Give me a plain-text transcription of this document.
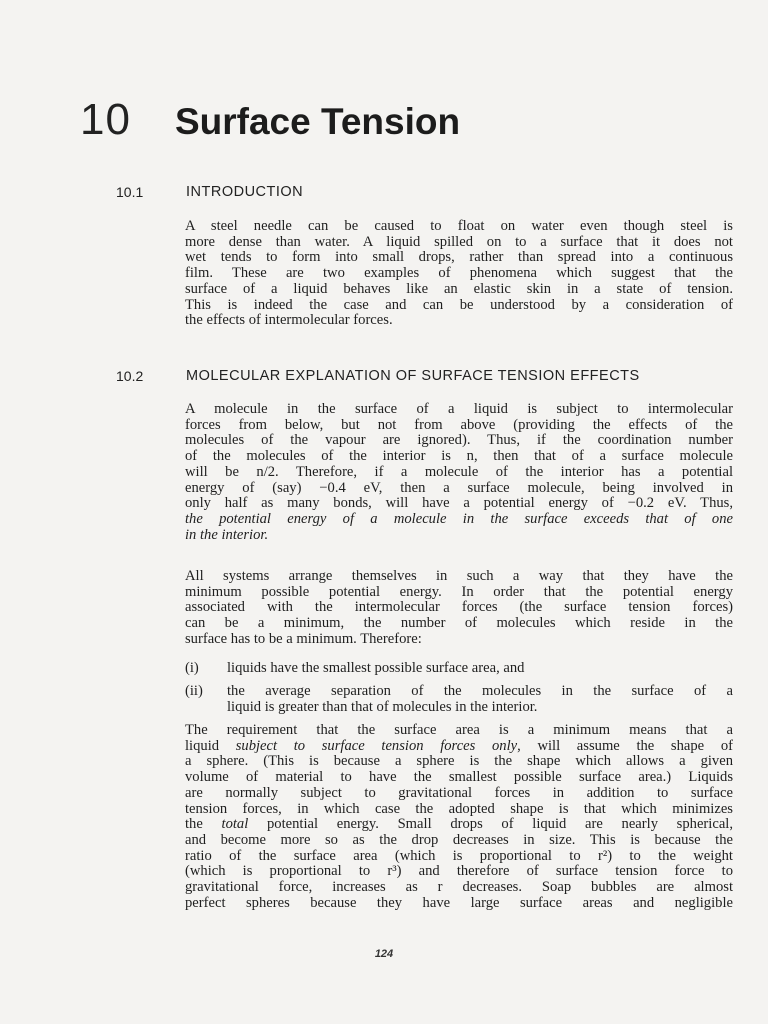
10 Surface Tension
10.1	INTRODUCTION
A steel needle can be caused to float on water even though steel is
more dense than water. A liquid spilled on to a surface that it does not
wet tends to form into small drops, rather than spread into a continuous
film. These are two examples of phenomena which suggest that the
surface of a liquid behaves like an elastic skin in a state of tension.
This is indeed the case and can be understood by a consideration of
the effects of intermolecular forces.
10.2	MOLECULAR EXPLANATION OF SURFACE TENSION EFFECTS
A molecule in the surface of a liquid is subject to intermolecular
forces from below, but not from above (providing the effects of the
molecules of the vapour are ignored). Thus, if the coordination number
of the molecules of the interior is n, then that of a surface molecule
will be n/2. Therefore, if a molecule of the interior has a potential
energy of (say) −0.4 eV, then a surface molecule, being involved in
only half as many bonds, will have a potential energy of −0.2 eV. Thus,
the potential energy of a molecule in the surface exceeds that of one
in the interior.
All systems arrange themselves in such a way that they have the
minimum possible potential energy. In order that the potential energy
associated with the intermolecular forces (the surface tension forces)
can be a minimum, the number of molecules which reside in the
surface has to be a minimum. Therefore:
(i) liquids have the smallest possible surface area, and
(ii) the average separation of the molecules in the surface of a
liquid is greater than that of molecules in the interior.
The requirement that the surface area is a minimum means that a
liquid subject to surface tension forces only, will assume the shape of
a sphere. (This is because a sphere is the shape which allows a given
volume of material to have the smallest possible surface area.) Liquids
are normally subject to gravitational forces in addition to surface
tension forces, in which case the adopted shape is that which minimizes
the total potential energy. Small drops of liquid are nearly spherical,
and become more so as the drop decreases in size. This is because the
ratio of the surface area (which is proportional to r²) to the weight
(which is proportional to r³) and therefore of surface tension force to
gravitational force, increases as r decreases. Soap bubbles are almost
perfect spheres because they have large surface areas and negligible
124
